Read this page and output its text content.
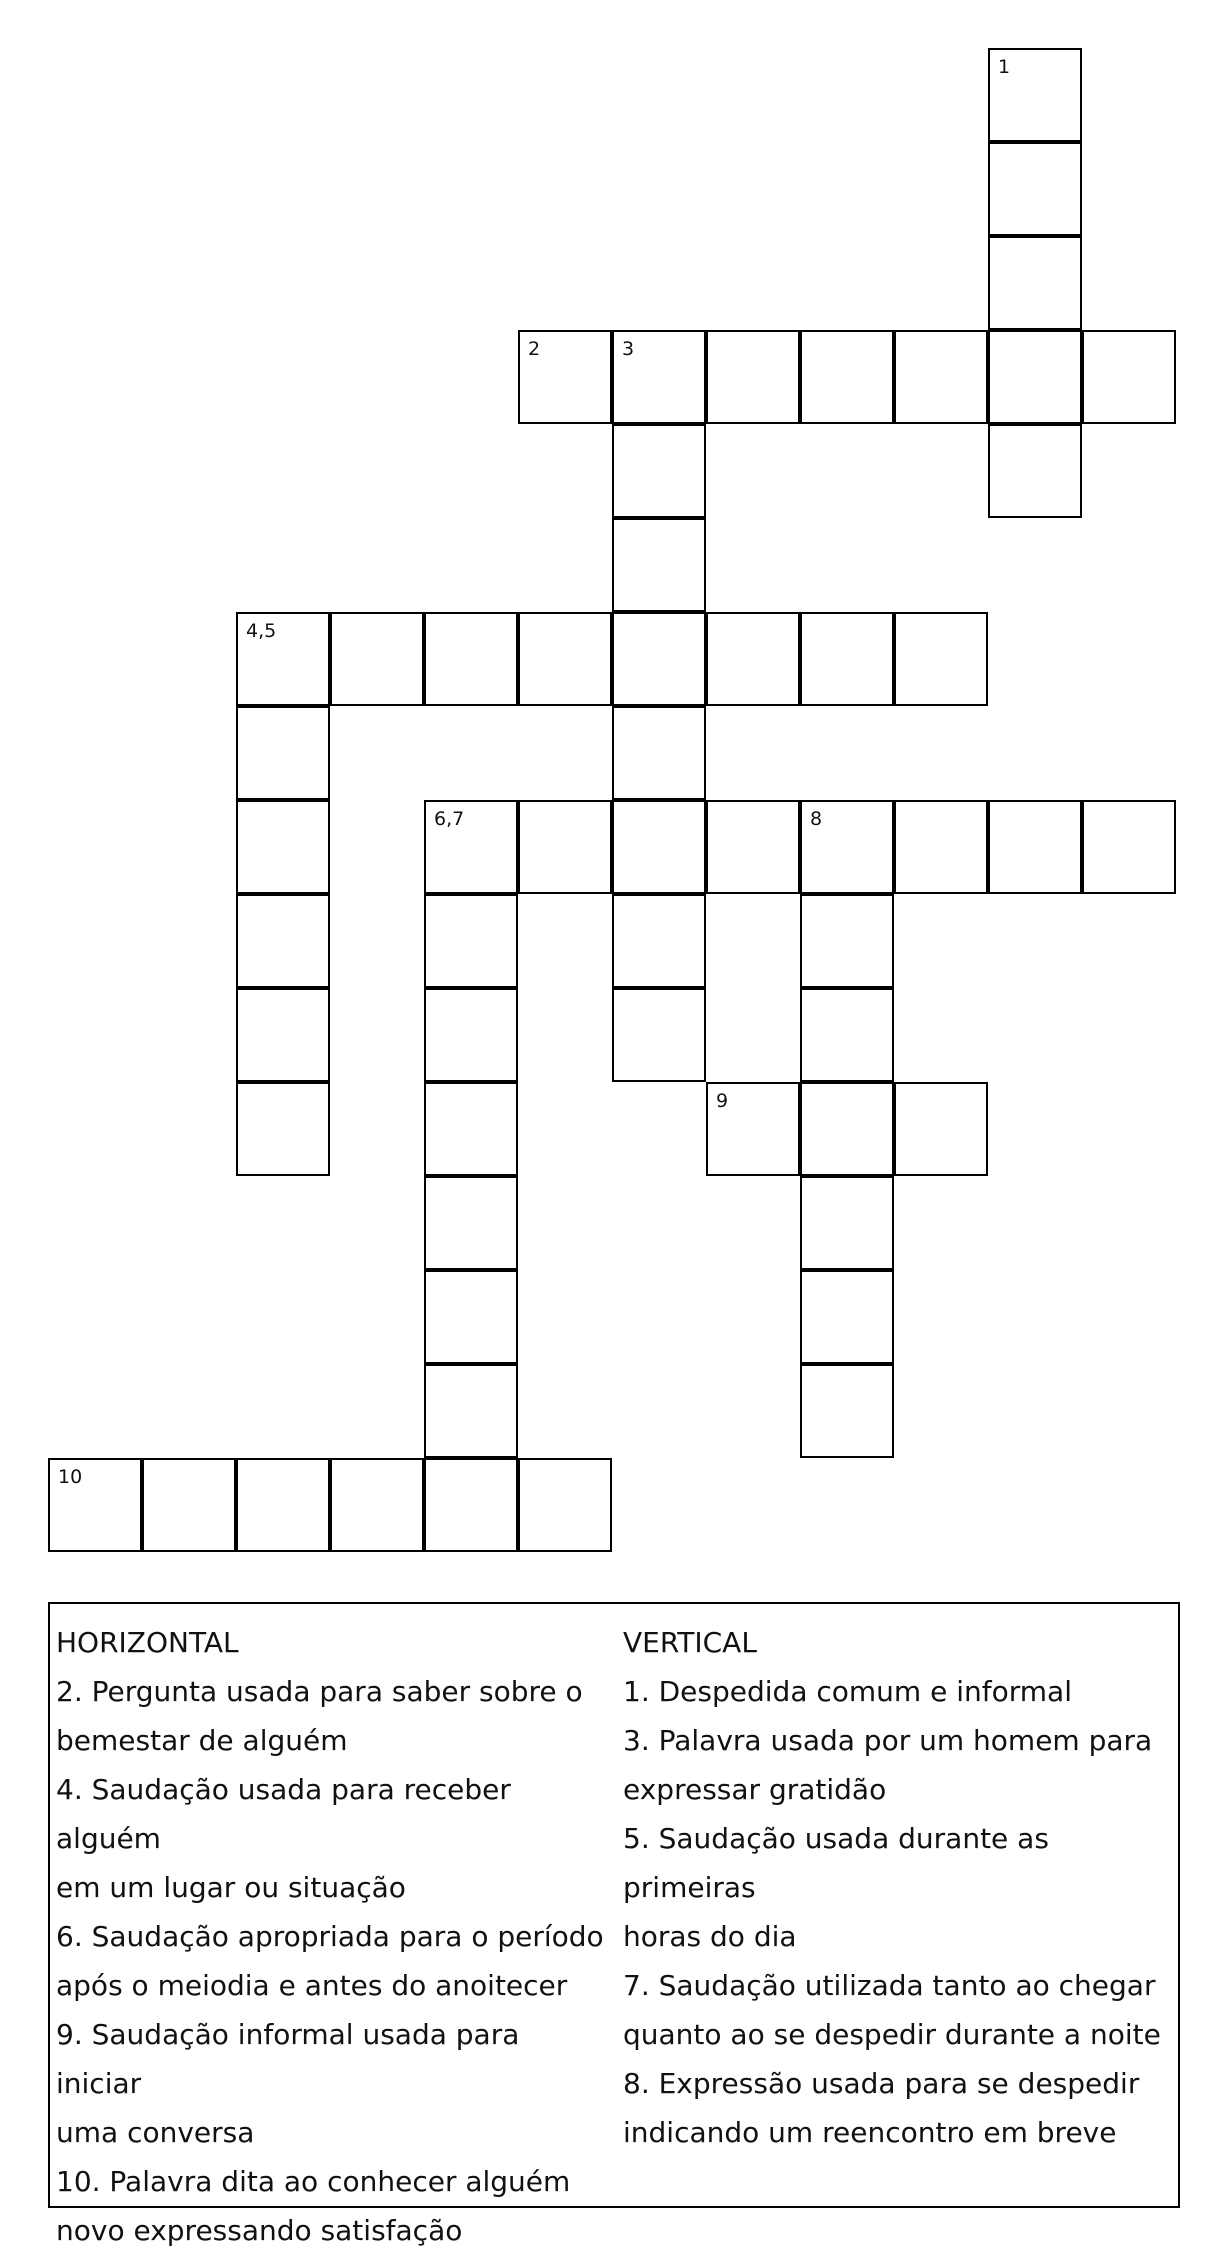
1
2	3
4,5
6,7	8
9
10
HORIZONTAL
2. Pergunta usada para saber sobre o
bemestar de alguém
4. Saudação usada para receber alguém
em um lugar ou situação
6. Saudação apropriada para o período
após o meiodia e antes do anoitecer
9. Saudação informal usada para iniciar
uma conversa
10. Palavra dita ao conhecer alguém
novo expressando satisfação
VERTICAL
1. Despedida comum e informal
3. Palavra usada por um homem para
expressar gratidão
5. Saudação usada durante as primeiras
horas do dia
7. Saudação utilizada tanto ao chegar
quanto ao se despedir durante a noite
8. Expressão usada para se despedir
indicando um reencontro em breve
